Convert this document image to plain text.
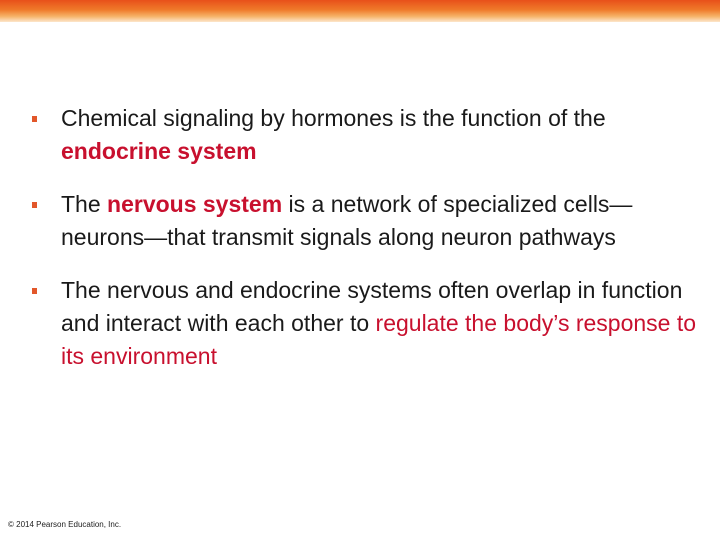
Chemical signaling by hormones is the function of the endocrine system
The nervous system is a network of specialized cells—neurons—that transmit signals along neuron pathways
The nervous and endocrine systems often overlap in function and interact with each other to regulate the body’s response to its environment
© 2014 Pearson Education, Inc.
